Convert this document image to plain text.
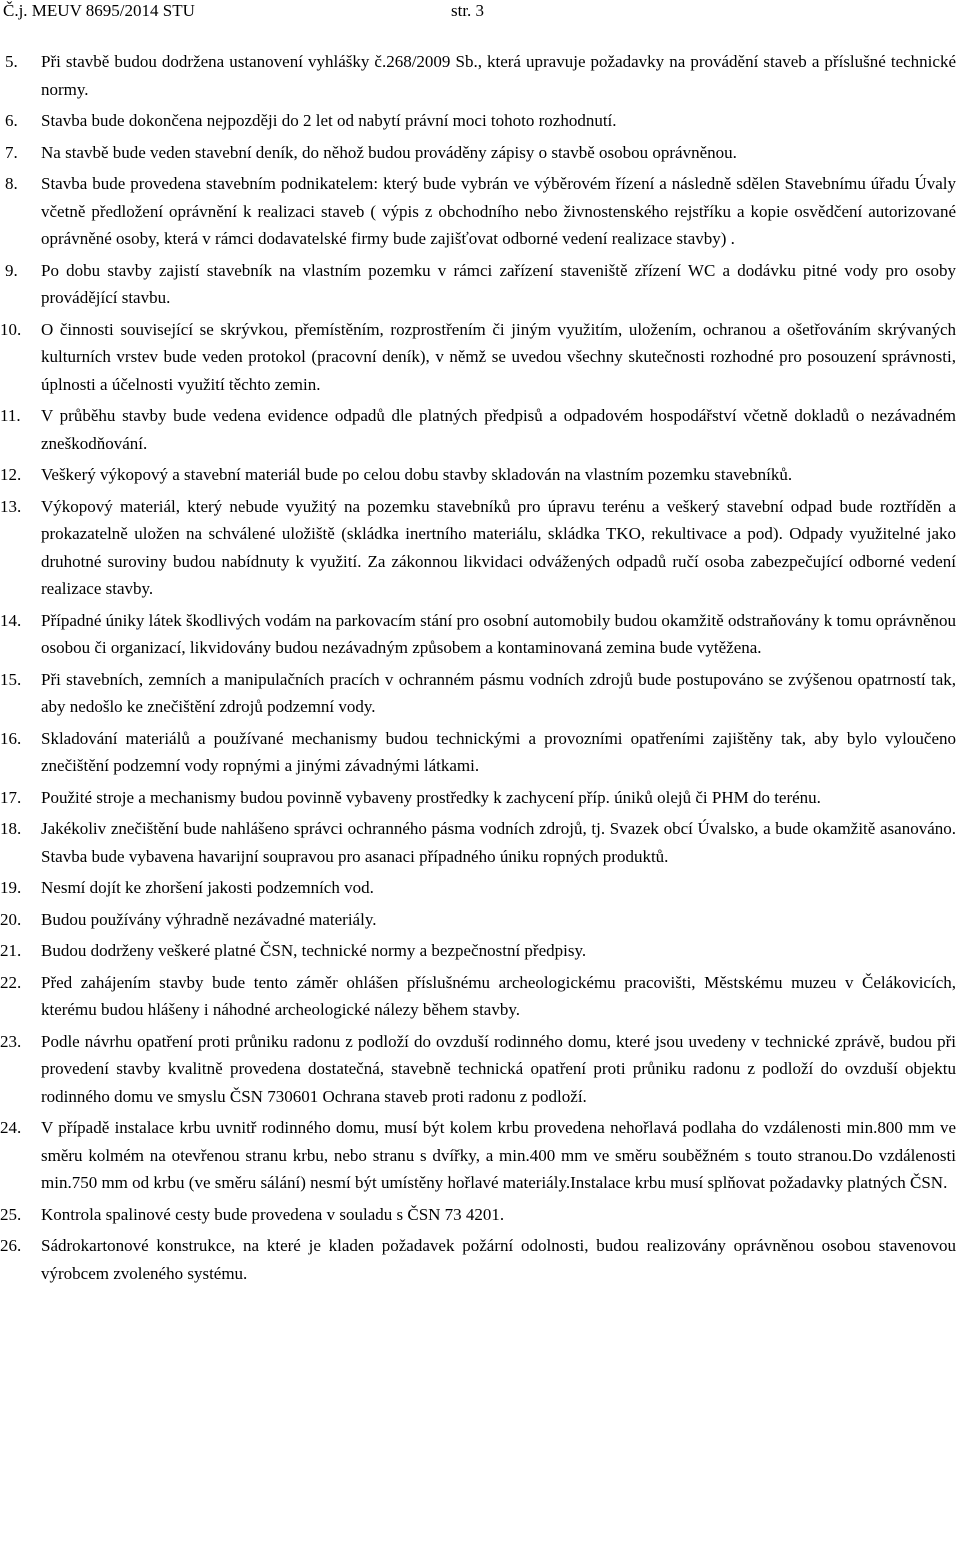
Č.j. MEUV 8695/2014 STU	str. 3
5.	Při stavbě budou dodržena ustanovení vyhlášky č.268/2009 Sb., která upravuje požadavky na provádění staveb a příslušné technické normy.
6.	Stavba bude dokončena nejpozději do 2 let od nabytí právní moci tohoto rozhodnutí.
7.	Na stavbě bude veden stavební deník, do něhož budou prováděny zápisy o stavbě osobou oprávněnou.
8.	Stavba bude provedena stavebním podnikatelem: který bude vybrán ve výběrovém řízení a následně sdělen Stavebnímu úřadu Úvaly včetně předložení oprávnění k realizaci staveb ( výpis z obchodního nebo živnostenského rejstříku a kopie osvědčení autorizované oprávněné osoby, která v rámci dodavatelské firmy bude zajišťovat odborné vedení realizace stavby) .
9.	Po dobu stavby zajistí stavebník na vlastním pozemku v rámci zařízení staveniště zřízení WC a dodávku pitné vody pro osoby provádějící stavbu.
10.	O činnosti související se skrývkou, přemístěním, rozprostřením či jiným využitím, uložením, ochranou a ošetřováním skrývaných kulturních vrstev bude veden protokol (pracovní deník), v němž se uvedou všechny skutečnosti rozhodné pro posouzení správnosti, úplnosti a účelnosti využití těchto zemin.
11.	V průběhu stavby bude vedena evidence odpadů dle platných předpisů a odpadovém hospodářství včetně dokladů o nezávadném zneškodňování.
12.	Veškerý výkopový a stavební materiál bude po celou dobu stavby skladován na vlastním pozemku stavebníků.
13.	Výkopový materiál, který nebude využitý na pozemku stavebníků pro úpravu terénu a veškerý stavební odpad bude roztříděn a prokazatelně uložen na schválené uložiště (skládka inertního materiálu, skládka TKO, rekultivace a pod). Odpady využitelné jako druhotné suroviny budou nabídnuty k využití. Za zákonnou likvidaci odvážených odpadů ručí osoba zabezpečující odborné vedení realizace stavby.
14.	Případné úniky látek škodlivých vodám na parkovacím stání pro osobní automobily budou okamžitě odstraňovány k tomu oprávněnou osobou či organizací, likvidovány budou nezávadným způsobem a kontaminovaná zemina bude vytěžena.
15.	Při stavebních, zemních a manipulačních pracích v ochranném pásmu vodních zdrojů bude postupováno se zvýšenou opatrností tak, aby nedošlo ke znečištění zdrojů podzemní vody.
16.	Skladování materiálů a používané mechanismy budou technickými a provozními opatřeními zajištěny tak, aby bylo vyloučeno znečištění podzemní vody ropnými a jinými závadnými látkami.
17.	Použité stroje a mechanismy budou povinně vybaveny prostředky k zachycení příp. úniků olejů či PHM do terénu.
18.	Jakékoliv znečištění bude nahlášeno správci ochranného pásma vodních zdrojů, tj. Svazek obcí Úvalsko, a bude okamžitě asanováno. Stavba bude vybavena havarijní soupravou pro asanaci případného úniku ropných produktů.
19.	Nesmí dojít ke zhoršení jakosti podzemních vod.
20.	Budou používány výhradně nezávadné materiály.
21.	Budou dodrženy veškeré platné ČSN, technické normy a bezpečnostní předpisy.
22.	Před zahájením stavby bude tento záměr ohlášen příslušnému archeologickému pracovišti, Městskému muzeu v Čelákovicích, kterému budou hlášeny i náhodné archeologické nálezy během stavby.
23.	Podle návrhu opatření proti průniku radonu z podloží do ovzduší rodinného domu, které jsou uvedeny v technické zprávě, budou při provedení stavby kvalitně provedena dostatečná, stavebně technická opatření proti průniku radonu z podloží do ovzduší objektu rodinného domu ve smyslu ČSN 730601 Ochrana staveb proti radonu z podloží.
24.	V případě instalace krbu uvnitř rodinného domu, musí být kolem krbu provedena nehořlavá podlaha do vzdálenosti min.800 mm ve směru kolmém na otevřenou stranu krbu, nebo stranu s dvířky, a min.400 mm ve směru souběžném s touto stranou.Do vzdálenosti min.750 mm od krbu (ve směru sálání) nesmí být umístěny hořlavé materiály.Instalace krbu musí splňovat požadavky platných ČSN.
25.	Kontrola spalinové cesty bude provedena v souladu s ČSN 73 4201.
26.	Sádrokartonové konstrukce, na které je kladen požadavek požární odolnosti, budou realizovány oprávněnou osobou stavenovou výrobcem zvoleného systému.
